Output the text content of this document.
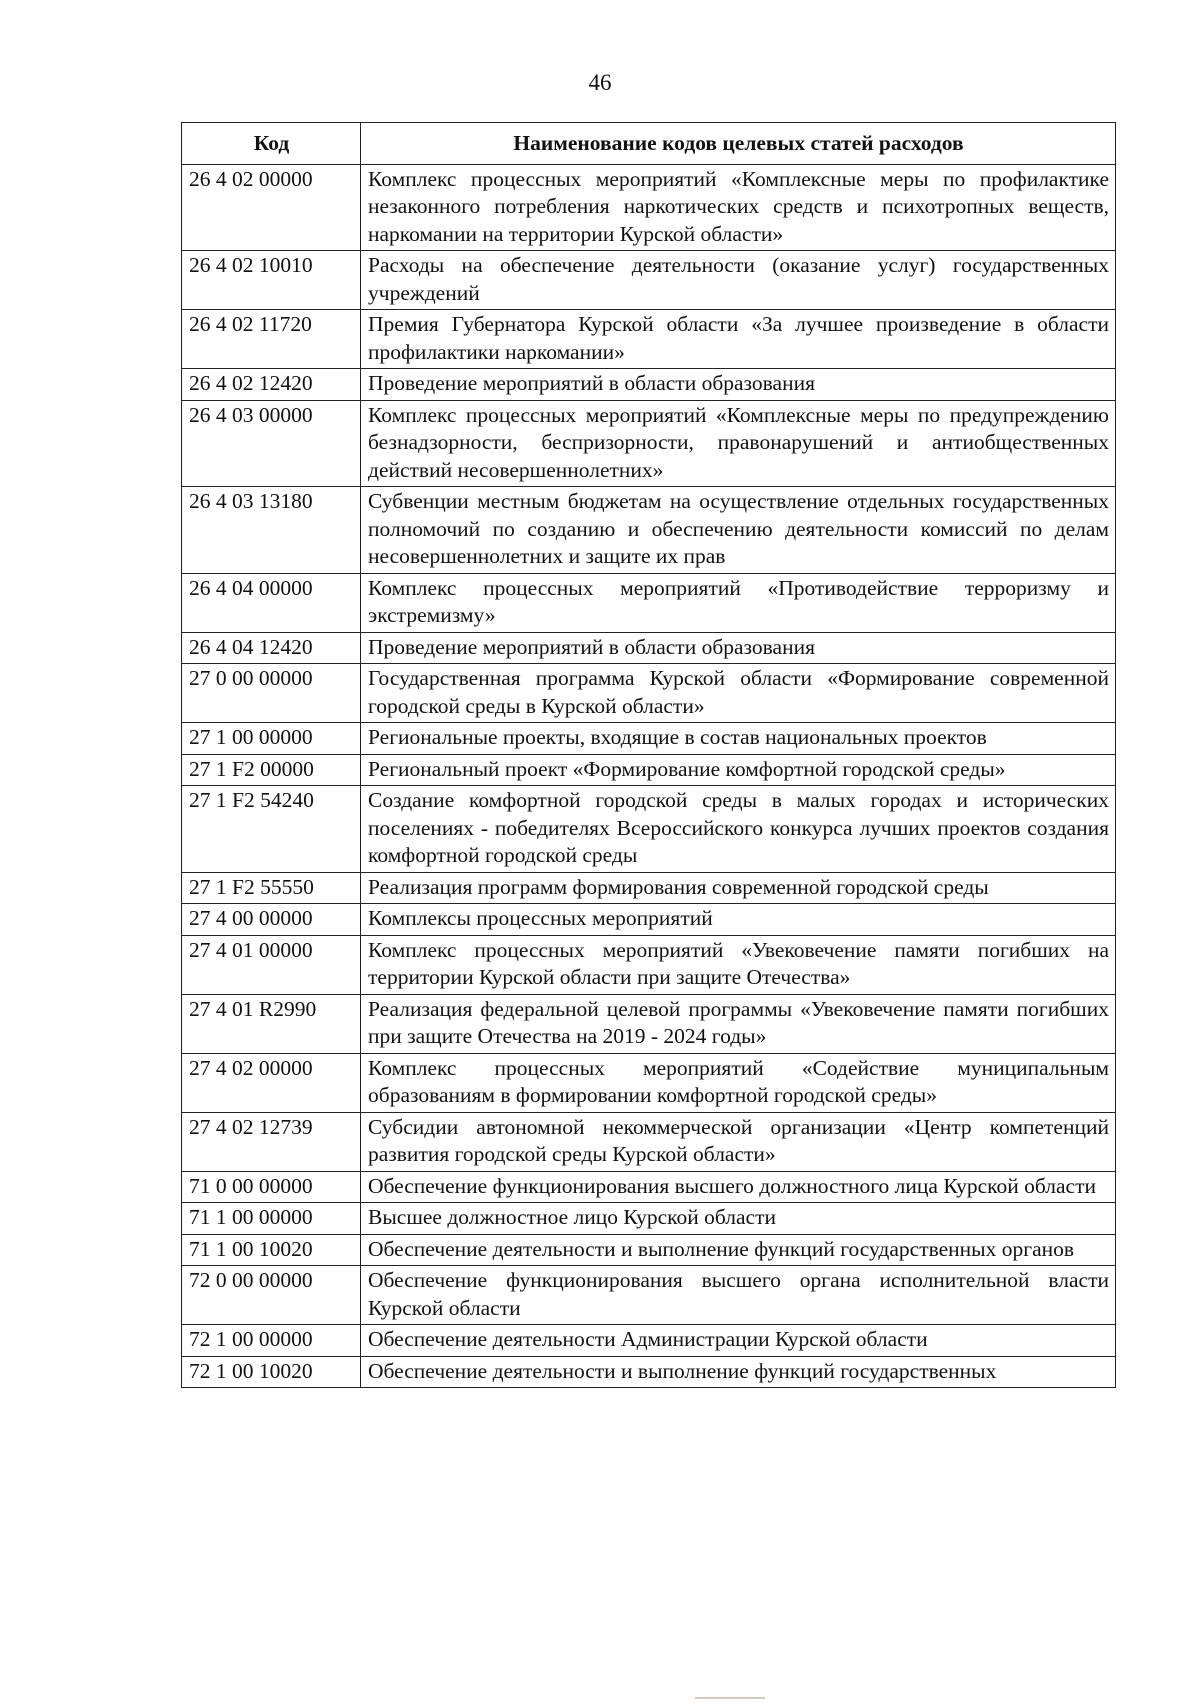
46
Код	Наименование кодов целевых статей расходов
26 4 02 00000	Комплекс процессных мероприятий «Комплексные меры по профилактике незаконного потребления наркотических средств и психотропных веществ, наркомании на территории Курской области»
26 4 02 10010	Расходы на обеспечение деятельности (оказание услуг) государственных учреждений
26 4 02 11720	Премия Губернатора Курской области «За лучшее произведение в области профилактики наркомании»
26 4 02 12420	Проведение мероприятий в области образования
26 4 03 00000	Комплекс процессных мероприятий «Комплексные меры по предупреждению безнадзорности, беспризорности, правонарушений и антиобщественных действий несовершеннолетних»
26 4 03 13180	Субвенции местным бюджетам на осуществление отдельных государственных полномочий по созданию и обеспечению деятельности комиссий по делам несовершеннолетних и защите их прав
26 4 04 00000	Комплекс процессных мероприятий «Противодействие терроризму и экстремизму»
26 4 04 12420	Проведение мероприятий в области образования
27 0 00 00000	Государственная программа Курской области «Формирование современной городской среды в Курской области»
27 1 00 00000	Региональные проекты, входящие в состав национальных проектов
27 1 F2 00000	Региональный проект «Формирование комфортной городской среды»
27 1 F2 54240	Создание комфортной городской среды в малых городах и исторических поселениях - победителях Всероссийского конкурса лучших проектов создания комфортной городской среды
27 1 F2 55550	Реализация программ формирования современной городской среды
27 4 00 00000	Комплексы процессных мероприятий
27 4 01 00000	Комплекс процессных мероприятий «Увековечение памяти погибших на территории Курской области при защите Отечества»
27 4 01 R2990	Реализация федеральной целевой программы «Увековечение памяти погибших при защите Отечества на 2019 - 2024 годы»
27 4 02 00000	Комплекс процессных мероприятий «Содействие муниципальным образованиям в формировании комфортной городской среды»
27 4 02 12739	Субсидии автономной некоммерческой организации «Центр компетенций развития городской среды Курской области»
71 0 00 00000	Обеспечение функционирования высшего должностного лица Курской области
71 1 00 00000	Высшее должностное лицо Курской области
71 1 00 10020	Обеспечение деятельности и выполнение функций государственных органов
72 0 00 00000	Обеспечение функционирования высшего органа исполнительной власти Курской области
72 1 00 00000	Обеспечение деятельности Администрации Курской области
72 1 00 10020	Обеспечение деятельности и выполнение функций государственных
